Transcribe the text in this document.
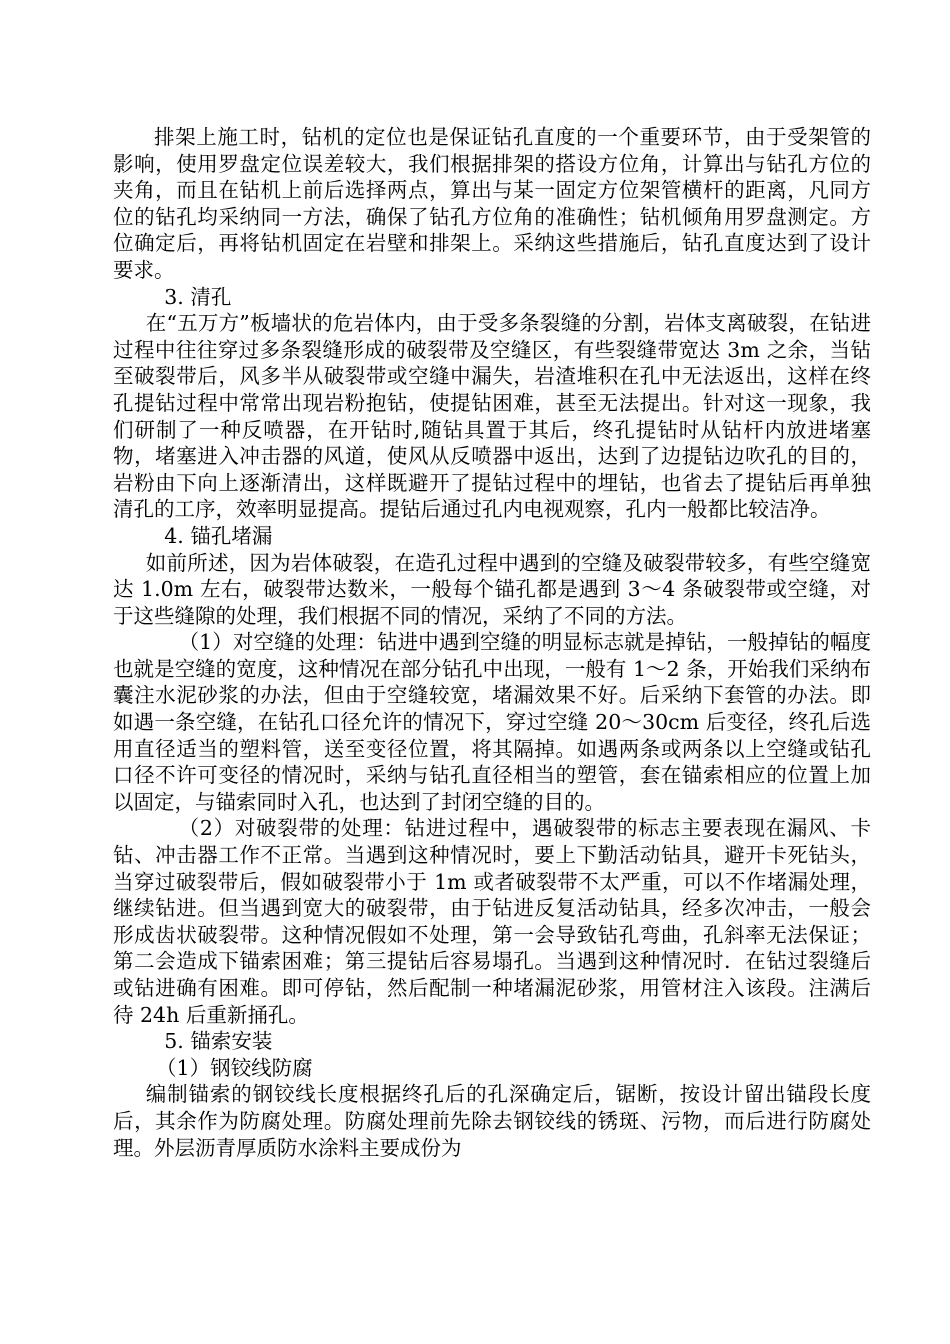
排架上施工时，钻机的定位也是保证钻孔直度的一个重要环节，由于受架管的影响，使用罗盘定位误差较大，我们根据排架的搭设方位角，计算出与钻孔方位的夹角，而且在钻机上前后选择两点，算出与某一固定方位架管横杆的距离，凡同方位的钻孔均采纳同一方法，确保了钻孔方位角的准确性；钻机倾角用罗盘测定。方位确定后，再将钻机固定在岩壁和排架上。采纳这些措施后，钻孔直度达到了设计要求。

3. 清孔

在“五万方”板墙状的危岩体内，由于受多条裂缝的分割，岩体支离破裂，在钻进过程中往往穿过多条裂缝形成的破裂带及空缝区，有些裂缝带宽达 3m 之余，当钻至破裂带后，风多半从破裂带或空缝中漏失，岩渣堆积在孔中无法返出，这样在终孔提钻过程中常常出现岩粉抱钻，使提钻困难，甚至无法提出。针对这一现象，我们研制了一种反喷器，在开钻时,随钻具置于其后，终孔提钻时从钻杆内放进堵塞物，堵塞进入冲击器的风道，使风从反喷器中返出，达到了边提钻边吹孔的目的，岩粉由下向上逐渐清出，这样既避开了提钻过程中的埋钻，也省去了提钻后再单独清孔的工序，效率明显提高。提钻后通过孔内电视观察，孔内一般都比较洁净。

4. 锚孔堵漏

如前所述，因为岩体破裂，在造孔过程中遇到的空缝及破裂带较多，有些空缝宽达 1.0m 左右，破裂带达数米，一般每个锚孔都是遇到 3～4 条破裂带或空缝，对于这些缝隙的处理，我们根据不同的情况，采纳了不同的方法。

（1）对空缝的处理：钻进中遇到空缝的明显标志就是掉钻，一般掉钻的幅度也就是空缝的宽度，这种情况在部分钻孔中出现，一般有 1～2 条，开始我们采纳布囊注水泥砂浆的办法，但由于空缝较宽，堵漏效果不好。后采纳下套管的办法。即如遇一条空缝，在钻孔口径允许的情况下，穿过空缝 20～30cm 后变径，终孔后选用直径适当的塑料管，送至变径位置，将其隔掉。如遇两条或两条以上空缝或钻孔口径不许可变径的情况时，采纳与钻孔直径相当的塑管，套在锚索相应的位置上加以固定，与锚索同时入孔，也达到了封闭空缝的目的。

（2）对破裂带的处理：钻进过程中，遇破裂带的标志主要表现在漏风、卡钻、冲击器工作不正常。当遇到这种情况时，要上下勤活动钻具，避开卡死钻头，当穿过破裂带后，假如破裂带小于 1m 或者破裂带不太严重，可以不作堵漏处理，继续钻进。但当遇到宽大的破裂带，由于钻进反复活动钻具，经多次冲击，一般会形成齿状破裂带。这种情况假如不处理，第一会导致钻孔弯曲，孔斜率无法保证；第二会造成下锚索困难；第三提钻后容易塌孔。当遇到这种情况时．在钻过裂缝后或钻进确有困难。即可停钻，然后配制一种堵漏泥砂浆，用管材注入该段。注满后待 24h 后重新捅孔。

5. 锚索安装

（1）钢铰线防腐

编制锚索的钢铰线长度根据终孔后的孔深确定后，锯断，按设计留出锚段长度后，其余作为防腐处理。防腐处理前先除去钢铰线的锈斑、污物，而后进行防腐处理。外层沥青厚质防水涂料主要成份为
